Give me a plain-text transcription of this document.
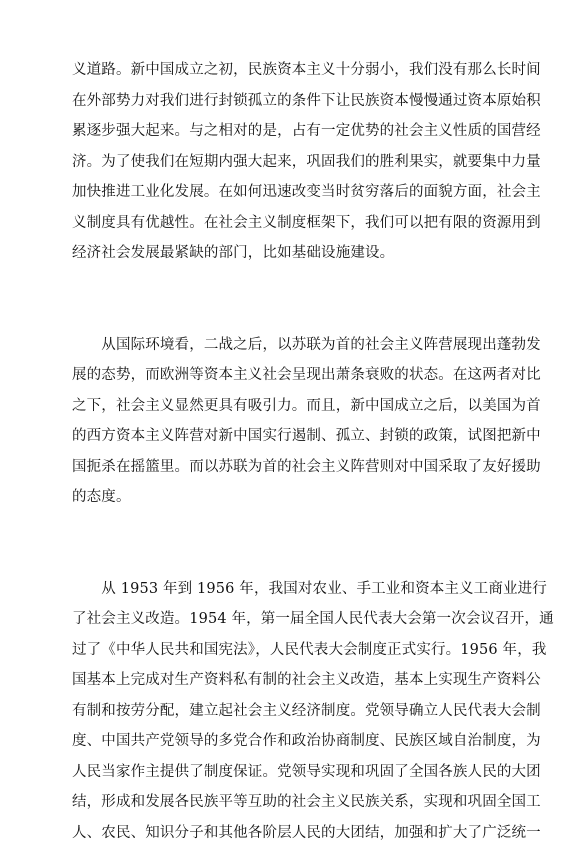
义道路。新中国成立之初，民族资本主义十分弱小，我们没有那么长时间
在外部势力对我们进行封锁孤立的条件下让民族资本慢慢通过资本原始积
累逐步强大起来。与之相对的是，占有一定优势的社会主义性质的国营经
济。为了使我们在短期内强大起来，巩固我们的胜利果实，就要集中力量
加快推进工业化发展。在如何迅速改变当时贫穷落后的面貌方面，社会主
义制度具有优越性。在社会主义制度框架下，我们可以把有限的资源用到
经济社会发展最紧缺的部门，比如基础设施建设。
　　从国际环境看，二战之后，以苏联为首的社会主义阵营展现出蓬勃发
展的态势，而欧洲等资本主义社会呈现出萧条衰败的状态。在这两者对比
之下，社会主义显然更具有吸引力。而且，新中国成立之后，以美国为首
的西方资本主义阵营对新中国实行遏制、孤立、封锁的政策，试图把新中
国扼杀在摇篮里。而以苏联为首的社会主义阵营则对中国采取了友好援助
的态度。
　　从 1953 年到 1956 年，我国对农业、手工业和资本主义工商业进行
了社会主义改造。1954 年，第一届全国人民代表大会第一次会议召开，通
过了《中华人民共和国宪法》，人民代表大会制度正式实行。1956 年，我
国基本上完成对生产资料私有制的社会主义改造，基本上实现生产资料公
有制和按劳分配，建立起社会主义经济制度。党领导确立人民代表大会制
度、中国共产党领导的多党合作和政治协商制度、民族区域自治制度，为
人民当家作主提供了制度保证。党领导实现和巩固了全国各族人民的大团
结，形成和发展各民族平等互助的社会主义民族关系，实现和巩固全国工
人、农民、知识分子和其他各阶层人民的大团结，加强和扩大了广泛统一
